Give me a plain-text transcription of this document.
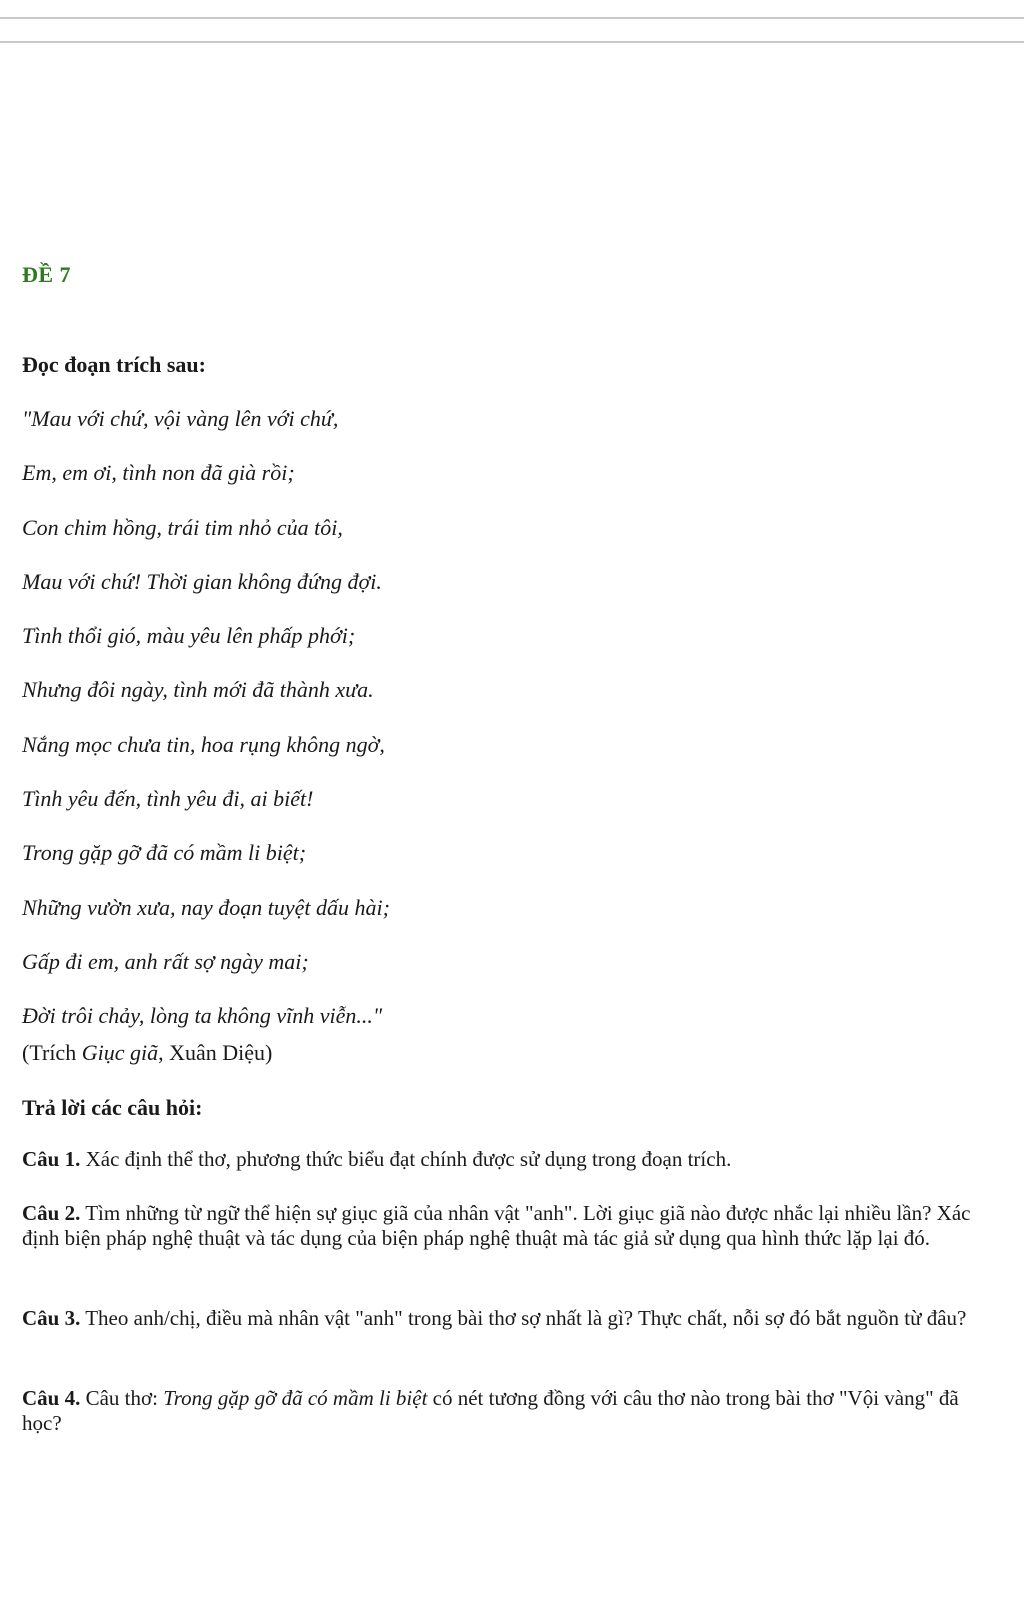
ĐỀ 7

Đọc đoạn trích sau:

"Mau với chứ, vội vàng lên với chứ,
Em, em ơi, tình non đã già rồi;
Con chim hồng, trái tim nhỏ của tôi,
Mau với chứ! Thời gian không đứng đợi.
Tình thổi gió, màu yêu lên phấp phới;
Nhưng đôi ngày, tình mới đã thành xưa.
Nắng mọc chưa tin, hoa rụng không ngờ,
Tình yêu đến, tình yêu đi, ai biết!
Trong gặp gỡ đã có mầm li biệt;
Những vườn xưa, nay đoạn tuyệt dấu hài;
Gấp đi em, anh rất sợ ngày mai;
Đời trôi chảy, lòng ta không vĩnh viễn..."

(Trích Giục giã, Xuân Diệu)

Trả lời các câu hỏi:

Câu 1. Xác định thể thơ, phương thức biểu đạt chính được sử dụng trong đoạn trích.

Câu 2. Tìm những từ ngữ thể hiện sự giục giã của nhân vật "anh". Lời giục giã nào được nhắc lại nhiều lần? Xác định biện pháp nghệ thuật và tác dụng của biện pháp nghệ thuật mà tác giả sử dụng qua hình thức lặp lại đó.

Câu 3. Theo anh/chị, điều mà nhân vật "anh" trong bài thơ sợ nhất là gì? Thực chất, nỗi sợ đó bắt nguồn từ đâu?

Câu 4. Câu thơ: Trong gặp gỡ đã có mầm li biệt có nét tương đồng với câu thơ nào trong bài thơ "Vội vàng" đã học?
